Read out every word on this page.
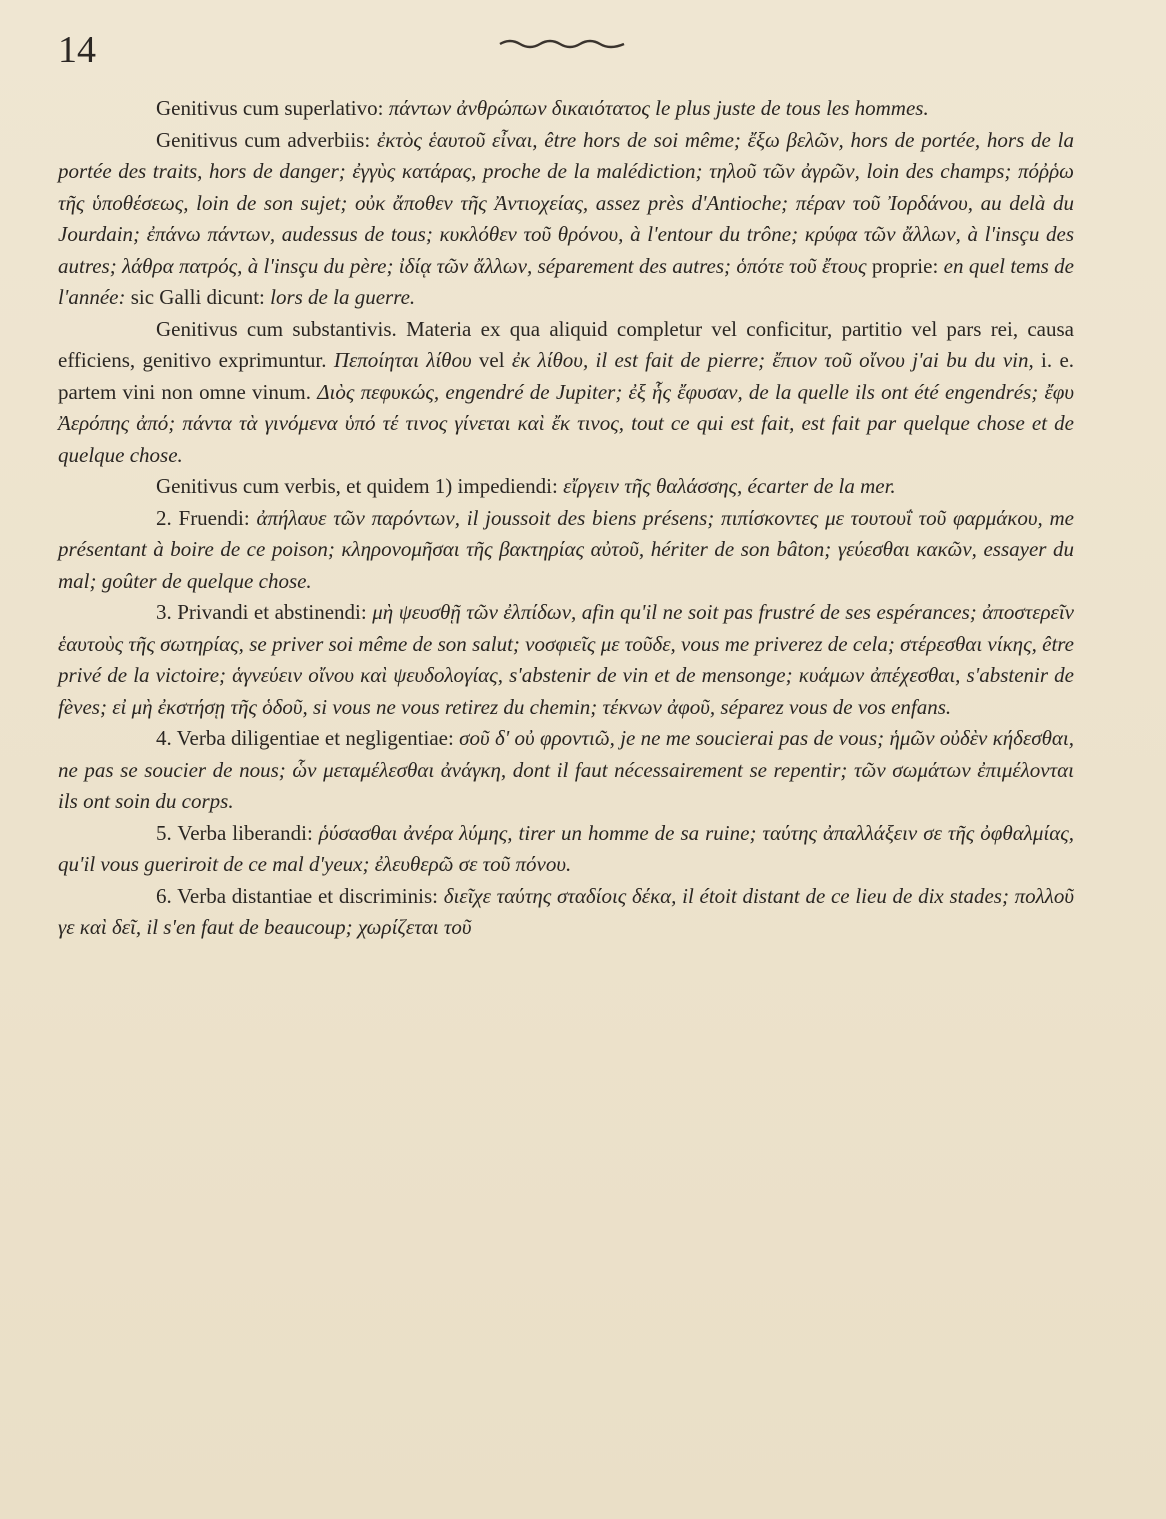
14

Genitivus cum superlativo: πάντων ἀνθρώπων δικαιότατος le plus juste de tous les hommes.

Genitivus cum adverbiis: ἐκτὸς ἑαυτοῦ εἶναι, être hors de soi même; ἔξω βελῶν, hors de portée, hors de la portée des traits, hors de danger; ἐγγὺς κατάρας, proche de la malédiction; τηλοῦ τῶν ἀγρῶν, loin des champs; πόῤῥω τῆς ὑποθέσεως, loin de son sujet; οὐκ ἄποθεν τῆς Ἀντιοχείας, assez près d'Antioche; πέραν τοῦ Ἰορδάνου, au delà du Jourdain; ἐπάνω πάντων, audessus de tous; κυκλόθεν τοῦ θρόνου, à l'entour du trône; κρύφα τῶν ἄλλων, à l'insçu des autres; λάθρα πατρός, à l'insçu du père; ἰδίᾳ τῶν ἄλλων, séparement des autres; ὁπότε τοῦ ἔτους proprie: en quel tems de l'année: sic Galli dicunt: lors de la guerre.

Genitivus cum substantivis. Materia ex qua aliquid completur vel conficitur, partitio vel pars rei, causa efficiens, genitivo exprimuntur. Πεποίηται λίθου vel ἐκ λίθου, il est fait de pierre; ἔπιον τοῦ οἴνου j'ai bu du vin, i. e. partem vini non omne vinum. Διὸς πεφυκώς, engendré de Jupiter; ἐξ ἧς ἔφυσαν, de la quelle ils ont été engendrés; ἔφυ Ἀερόπης ἀπό; πάντα τὰ γινόμενα ὑπό τέ τινος γίνεται καὶ ἔκ τινος, tout ce qui est fait, est fait par quelque chose et de quelque chose.

Genitivus cum verbis, et quidem 1) impediendi: εἴργειν τῆς θαλάσσης, écarter de la mer.

2. Fruendi: ἀπήλαυε τῶν παρόντων, il joussoit des biens présens; πιπίσκοντες με τουτουΐ τοῦ φαρμάκου, me présentant à boire de ce poison; κληρονομῆσαι τῆς βακτηρίας αὐτοῦ, hériter de son bâton; γεύεσθαι κακῶν, essayer du mal; goûter de quelque chose.

3. Privandi et abstinendi: μὴ ψευσθῇ τῶν ἐλπίδων, afin qu'il ne soit pas frustré de ses espérances; ἀποστερεῖν ἑαυτοὺς τῆς σωτηρίας, se priver soi même de son salut; νοσφιεῖς με τοῦδε, vous me priverez de cela; στέρεσθαι νίκης, être privé de la victoire; ἁγνεύειν οἴνου καὶ ψευδολογίας, s'abstenir de vin et de mensonge; κυάμων ἀπέχεσθαι, s'abstenir de fèves; εἰ μὴ ἐκστήσῃ τῆς ὁδοῦ, si vous ne vous retirez du chemin; τέκνων ἀφοῦ, séparez vous de vos enfans.

4. Verba diligentiae et negligentiae: σοῦ δ' οὐ φροντιῶ, je ne me soucierai pas de vous; ἡμῶν οὐδὲν κήδεσθαι, ne pas se soucier de nous; ὧν μεταμέλεσθαι ἀνάγκη, dont il faut nécessairement se repentir; τῶν σωμάτων ἐπιμέλονται ils ont soin du corps.

5. Verba liberandi: ῥύσασθαι ἀνέρα λύμης, tirer un homme de sa ruine; ταύτης ἀπαλλάξειν σε τῆς ὀφθαλμίας, qu'il vous gueriroit de ce mal d'yeux; ἐλευθερῶ σε τοῦ πόνου.

6. Verba distantiae et discriminis: διεῖχε ταύτης σταδίοις δέκα, il étoit distant de ce lieu de dix stades; πολλοῦ γε καὶ δεῖ, il s'en faut de beaucoup; χωρίζεται τοῦ
